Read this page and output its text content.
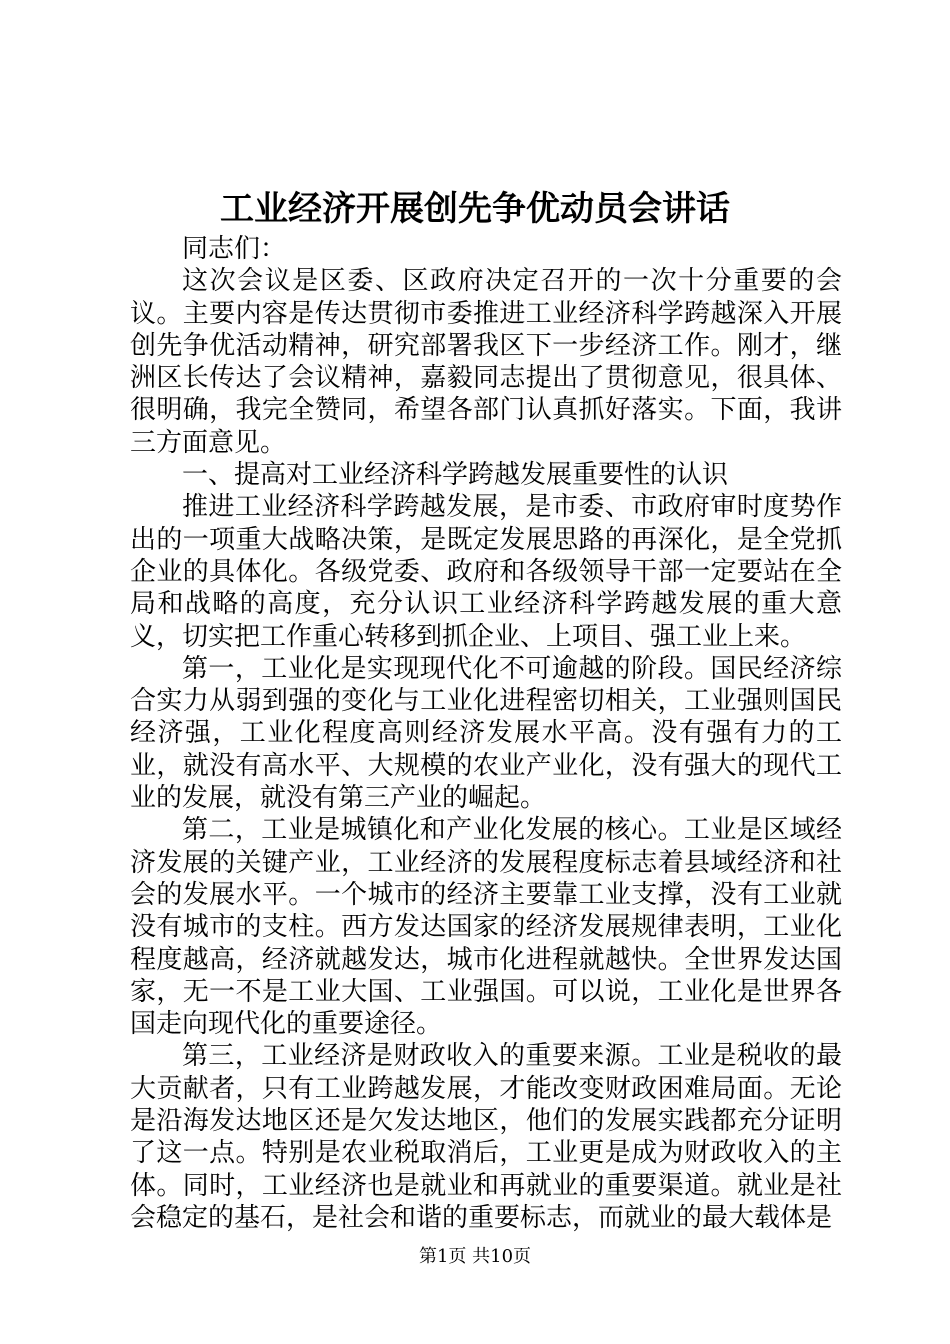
工业经济开展创先争优动员会讲话

同志们：

这次会议是区委、区政府决定召开的一次十分重要的会议。主要内容是传达贯彻市委推进工业经济科学跨越深入开展创先争优活动精神，研究部署我区下一步经济工作。刚才，继洲区长传达了会议精神，嘉毅同志提出了贯彻意见，很具体、很明确，我完全赞同，希望各部门认真抓好落实。下面，我讲三方面意见。

一、提高对工业经济科学跨越发展重要性的认识

推进工业经济科学跨越发展，是市委、市政府审时度势作出的一项重大战略决策，是既定发展思路的再深化，是全党抓企业的具体化。各级党委、政府和各级领导干部一定要站在全局和战略的高度，充分认识工业经济科学跨越发展的重大意义，切实把工作重心转移到抓企业、上项目、强工业上来。

第一，工业化是实现现代化不可逾越的阶段。国民经济综合实力从弱到强的变化与工业化进程密切相关，工业强则国民经济强，工业化程度高则经济发展水平高。没有强有力的工业，就没有高水平、大规模的农业产业化，没有强大的现代工业的发展，就没有第三产业的崛起。

第二，工业是城镇化和产业化发展的核心。工业是区域经济发展的关键产业，工业经济的发展程度标志着县域经济和社会的发展水平。一个城市的经济主要靠工业支撑，没有工业就没有城市的支柱。西方发达国家的经济发展规律表明，工业化程度越高，经济就越发达，城市化进程就越快。全世界发达国家，无一不是工业大国、工业强国。可以说，工业化是世界各国走向现代化的重要途径。

第三，工业经济是财政收入的重要来源。工业是税收的最大贡献者，只有工业跨越发展，才能改变财政困难局面。无论是沿海发达地区还是欠发达地区，他们的发展实践都充分证明了这一点。特别是农业税取消后，工业更是成为财政收入的主体。同时，工业经济也是就业和再就业的重要渠道。就业是社会稳定的基石，是社会和谐的重要标志，而就业的最大载体是

第1页 共10页
